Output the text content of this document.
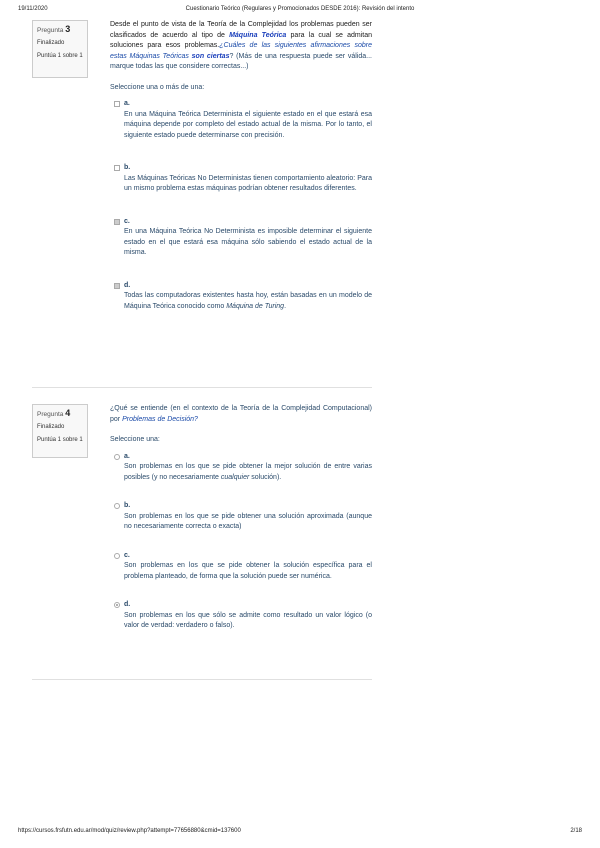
19/11/2020	Cuestionario Teórico (Regulares y Promocionados DESDE 2016): Revisión del intento
Pregunta 3
Finalizado
Puntúa 1 sobre 1
Desde el punto de vista de la Teoría de la Complejidad los problemas pueden ser clasificados de acuerdo al tipo de Máquina Teórica para la cual se admitan soluciones para esos problemas.¿Cuáles de las siguientes afirmaciones sobre estas Máquinas Teóricas son ciertas? (Más de una respuesta puede ser válida... marque todas las que considere correctas...)
Seleccione una o más de una:
a.
En una Máquina Teórica Determinista el siguiente estado en el que estará esa máquina depende por completo del estado actual de la misma. Por lo tanto, el siguiente estado puede determinarse con precisión.
b.
Las Máquinas Teóricas No Deterministas tienen comportamiento aleatorio: Para un mismo problema estas máquinas podrían obtener resultados diferentes.
c.
En una Máquina Teórica No Determinista es imposible determinar el siguiente estado en el que estará esa máquina sólo sabiendo el estado actual de la misma.
d.
Todas las computadoras existentes hasta hoy, están basadas en un modelo de Máquina Teórica conocido como Máquina de Turing.
Pregunta 4
Finalizado
Puntúa 1 sobre 1
¿Qué se entiende (en el contexto de la Teoría de la Complejidad Computacional) por Problemas de Decisión?
Seleccione una:
a.
Son problemas en los que se pide obtener la mejor solución de entre varias posibles (y no necesariamente cualquier solución).
b.
Son problemas en los que se pide obtener una solución aproximada (aunque no necesariamente correcta o exacta)
c.
Son problemas en los que se pide obtener la solución específica para el problema planteado, de forma que la solución puede ser numérica.
d.
Son problemas en los que sólo se admite como resultado un valor lógico (o valor de verdad: verdadero o falso).
https://cursos.frsfutn.edu.ar/mod/quiz/review.php?attempt=77656880&cmid=137600	2/18
